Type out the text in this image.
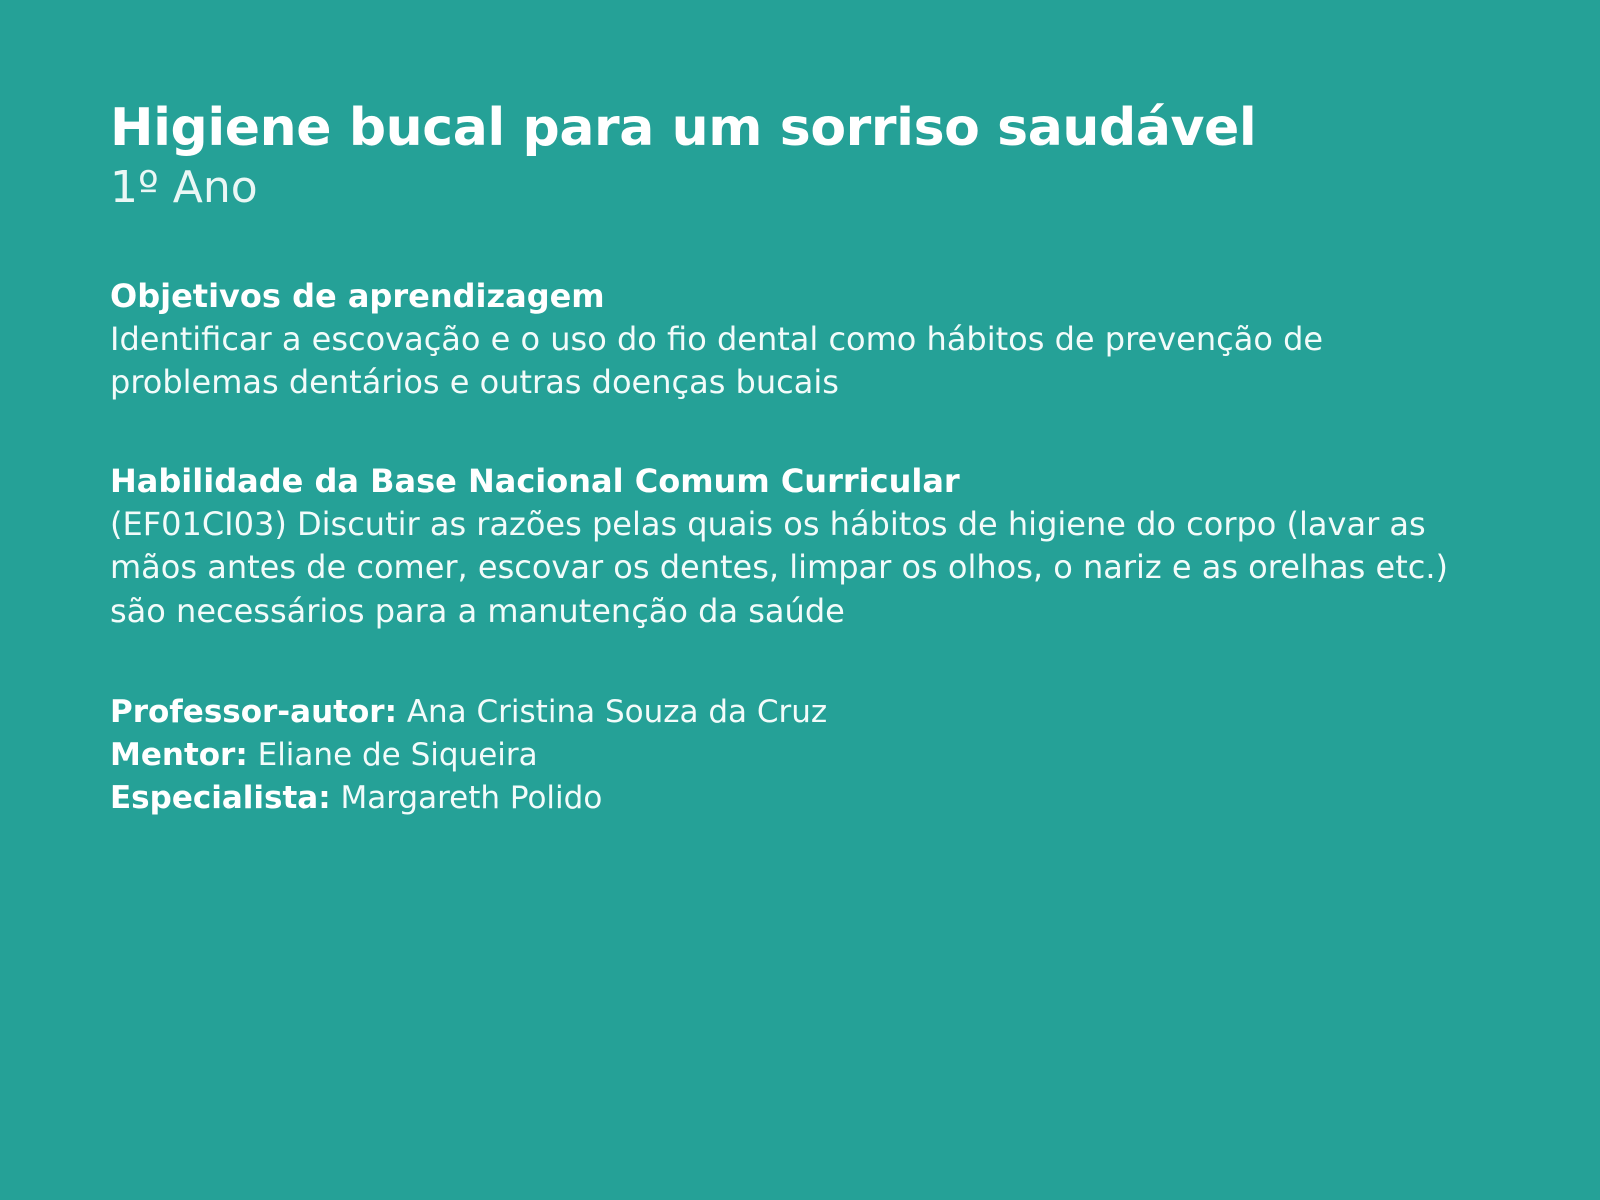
Higiene bucal para um sorriso saudável
1º Ano
Objetivos de aprendizagem

Identificar a escovação e o uso do fio dental como hábitos de prevenção de problemas dentários e outras doenças bucais

Habilidade da Base Nacional Comum Curricular

(EF01CI03) Discutir as razões pelas quais os hábitos de higiene do corpo (lavar as mãos antes de comer, escovar os dentes, limpar os olhos, o nariz e as orelhas etc.) são necessários para a manutenção da saúde

Professor-autor: Ana Cristina Souza da Cruz
Mentor: Eliane de Siqueira
Especialista: Margareth Polido
